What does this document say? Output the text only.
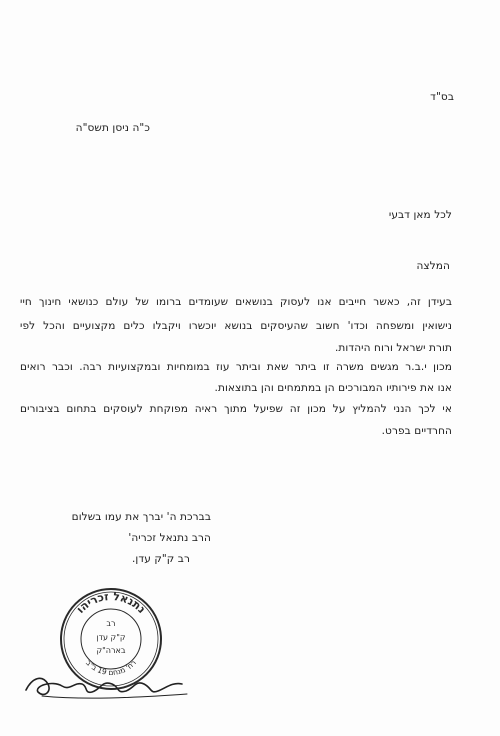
בס"ד
כ"ה ניסן תשס"ה
לכל מאן דבעי
המלצה
בעידן זה, כאשר חייבים אנו לעסוק בנושאים שעומדים ברומו של עולם כנושאי חינוך חיי
נישואין ומשפחה וכדו' חשוב שהעיסקים בנושא יוכשרו ויקבלו כלים מקצועיים והכל לפי
תורת ישראל ורוח היהדות.
מכון י.ב.ר מגשים משרה זו ביתר שאת וביתר עוז במומחיות ובמקצועיות רבה. וכבר רואים
אנו את פירותיו המבורכים הן במתמחים והן בתוצאות.
אי לכך הנני להמליץ על מכון זה שפיעל מתוך ראיה מפוקחת לעוסקים בתחום בציבורים
החרדיים בפרט.
בברכת ה' יברך את עמו בשלום
הרב נתנאל זכריה'
רב ק"ק עדן.
נתנאל זכריהו
רב
ק"ק עדן
בארה"ק
רח' מנחם 19 ב"ב
